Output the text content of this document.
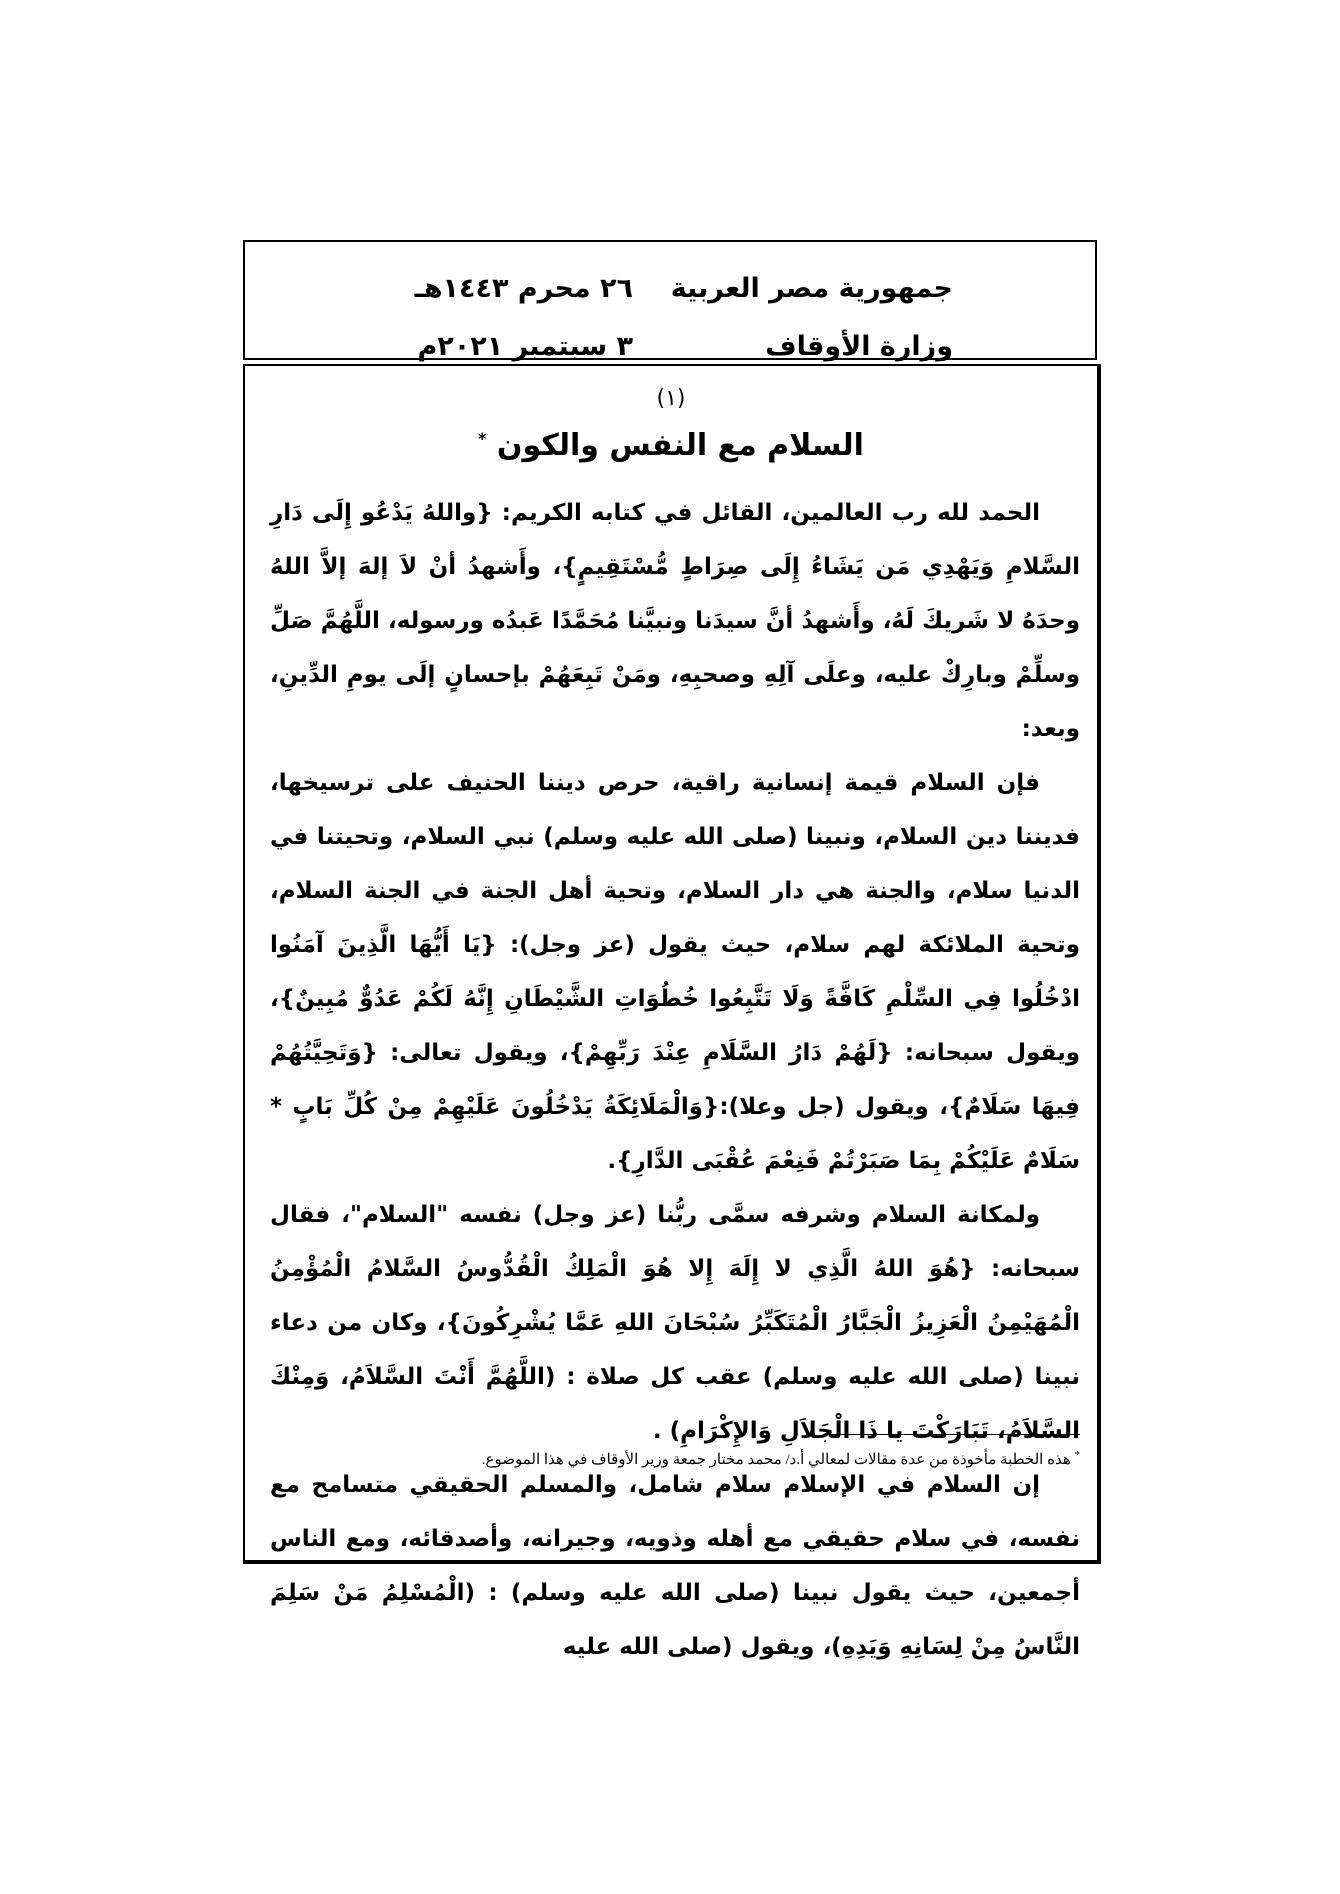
جمهورية مصر العربية
وزارة الأوقاف
٢٦ محرم ١٤٤٣هـ
٣ سبتمبر ٢٠٢١م
(١)
السلام مع النفس والكون *

الحمد لله رب العالمين، القائل في كتابه الكريم: {واللهُ يَدْعُو إِلَى دَارِ السَّلامِ وَيَهْدِي مَن يَشَاءُ إِلَى صِرَاطٍ مُّسْتَقِيمٍ}، وأَشهدُ أنْ لاَ إلهَ إلاَّ اللهُ وحدَهُ لا شَريكَ لَهُ، وأَشهدُ أنَّ سيدَنا ونبيَّنا مُحَمَّدًا عَبدُه ورسوله، اللَّهُمَّ صَلِّ وسلِّمْ وبارِكْ عليه، وعلَى آلِهِ وصحبِهِ، ومَنْ تَبِعَهُمْ بإحسانٍ إلَى يومِ الدِّينِ، وبعد:

فإن السلام قيمة إنسانية راقية، حرص ديننا الحنيف على ترسيخها، فديننا دين السلام، ونبينا (صلى الله عليه وسلم) نبي السلام، وتحيتنا في الدنيا سلام، والجنة هي دار السلام، وتحية أهل الجنة في الجنة السلام، وتحية الملائكة لهم سلام، حيث يقول (عز وجل): {يَا أَيُّهَا الَّذِينَ آمَنُوا ادْخُلُوا فِي السِّلْمِ كَافَّةً وَلَا تَتَّبِعُوا خُطُوَاتِ الشَّيْطَانِ إِنَّهُ لَكُمْ عَدُوٌّ مُبِينٌ}، ويقول سبحانه: {لَهُمْ دَارُ السَّلَامِ عِنْدَ رَبِّهِمْ}، ويقول تعالى: {وَتَحِيَّتُهُمْ فِيهَا سَلَامٌ}، ويقول (جل وعلا):{وَالْمَلَائِكَةُ يَدْخُلُونَ عَلَيْهِمْ مِنْ كُلِّ بَابٍ * سَلَامٌ عَلَيْكُمْ بِمَا صَبَرْتُمْ فَنِعْمَ عُقْبَى الدَّارِ}.

ولمكانة السلام وشرفه سمَّى ربُّنا (عز وجل) نفسه "السلام"، فقال سبحانه: {هُوَ اللهُ الَّذِي لا إِلَهَ إِلا هُوَ الْمَلِكُ الْقُدُّوسُ السَّلامُ الْمُؤْمِنُ الْمُهَيْمِنُ الْعَزِيزُ الْجَبَّارُ الْمُتَكَبِّرُ سُبْحَانَ اللهِ عَمَّا يُشْرِكُونَ}، وكان من دعاء نبينا (صلى الله عليه وسلم) عقب كل صلاة : (اللَّهُمَّ أَنْتَ السَّلاَمُ، وَمِنْكَ السَّلاَمُ، تَبَارَكْتَ يا ذَا الْجَلاَلِ وَالإِكْرَامِ) .

إن السلام في الإسلام سلام شامل، والمسلم الحقيقي متسامح مع نفسه، في سلام حقيقي مع أهله وذويه، وجيرانه، وأصدقائه، ومع الناس أجمعين، حيث يقول نبينا (صلى الله عليه وسلم) : (الْمُسْلِمُ مَنْ سَلِمَ النَّاسُ مِنْ لِسَانِهِ وَيَدِهِ)، ويقول (صلى الله عليه

* هذه الخطبة مأخوذة من عدة مقالات لمعالي أ.د/ محمد مختار جمعة وزير الأوقاف في هذا الموضوع.
